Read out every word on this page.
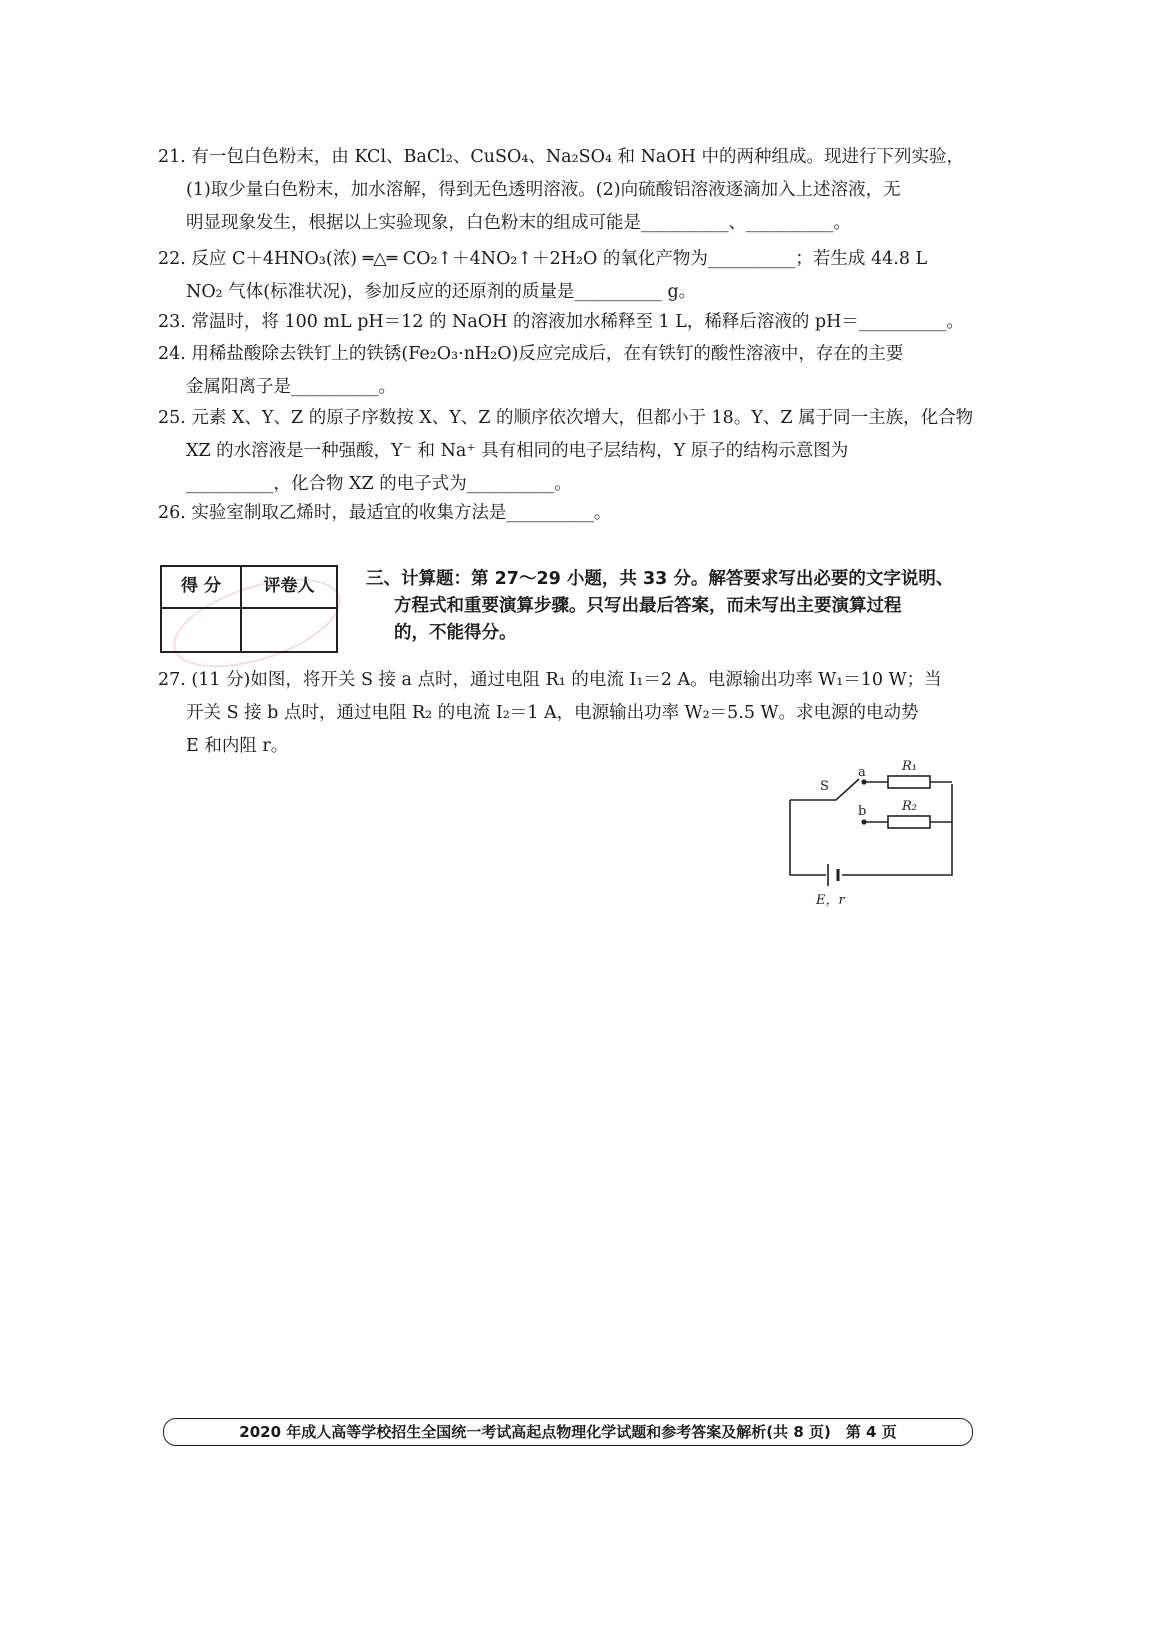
21. 有一包白色粉末，由 KCl、BaCl₂、CuSO₄、Na₂SO₄ 和 NaOH 中的两种组成。现进行下列实验，
(1)取少量白色粉末，加水溶解，得到无色透明溶液。(2)向硫酸铝溶液逐滴加入上述溶液，无
明显现象发生，根据以上实验现象，白色粉末的组成可能是__________、__________。
22. 反应 C＋4HNO₃(浓) ═△═ CO₂↑＋4NO₂↑＋2H₂O 的氧化产物为__________；若生成 44.8 L
NO₂ 气体(标准状况)，参加反应的还原剂的质量是__________ g。
23. 常温时，将 100 mL pH＝12 的 NaOH 的溶液加水稀释至 1 L，稀释后溶液的 pH＝__________。
24. 用稀盐酸除去铁钉上的铁锈(Fe₂O₃·nH₂O)反应完成后，在有铁钉的酸性溶液中，存在的主要
金属阳离子是__________。
25. 元素 X、Y、Z 的原子序数按 X、Y、Z 的顺序依次增大，但都小于 18。Y、Z 属于同一主族，化合物
XZ 的水溶液是一种强酸，Y⁻ 和 Na⁺ 具有相同的电子层结构，Y 原子的结构示意图为
__________，化合物 XZ 的电子式为__________。
26. 实验室制取乙烯时，最适宜的收集方法是__________。
得 分	评卷人	三、计算题：第 27～29 小题，共 33 分。解答要求写出必要的文字说明、
方程式和重要演算步骤。只写出最后答案，而未写出主要演算过程
的，不能得分。
27. (11 分)如图，将开关 S 接 a 点时，通过电阻 R₁ 的电流 I₁＝2 A。电源输出功率 W₁＝10 W；当
开关 S 接 b 点时，通过电阻 R₂ 的电流 I₂＝1 A，电源输出功率 W₂＝5.5 W。求电源的电动势
E 和内阻 r。
S
a
b
R₁
R₂
E，r
2020 年成人高等学校招生全国统一考试高起点物理化学试题和参考答案及解析(共 8 页)　第 4 页
